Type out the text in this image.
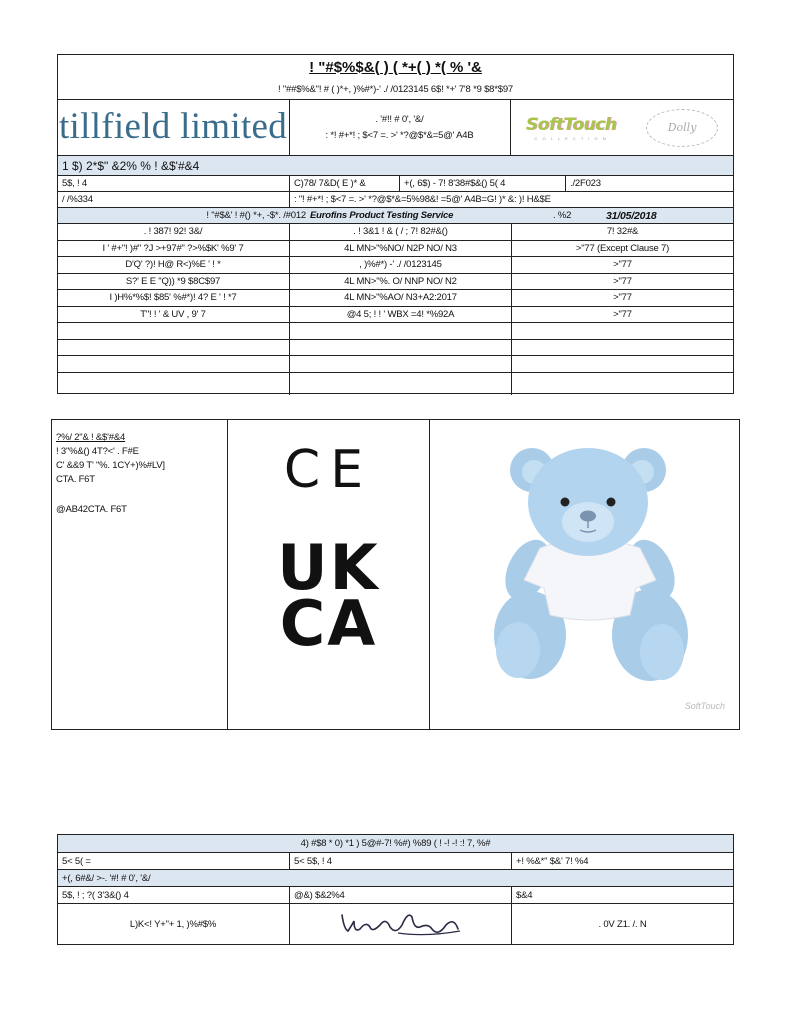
! "#$%$&( ) ( *+( ) *( % '&
! "##$%&"! # ( )*+, )%#*)-' ./ /0123145 6$! *+' 7'8 *9 $8*$97
tillfield limited	. '#!! # 0', '&/
: *! #+*! ; $<7 =. >' *?@$*&=5@' A4B
SoftTouch
C O L L E C T I O N
Dolly
1 $) 2*$" &2% % ! &$'#&4
5$, ! 4	C)78/ 7&D( E )* &	+(, 6$) - 7! 8'38#$&() 5( 4	./2F023
/ /%334	: "! #+*! ; $<7 =. >' *?@$*&=5%98&! =5@' A4B=G! )* &: )! H&$E
! "#$&' ! #() *+, -$*. /#012 Eurofins Product Testing Service	. %2	31/05/2018
. ! 387! 92! 3&/	. ! 3&1 ! & ( / ; 7! 82#&()	7! 32#&
I ' #+"! )#" ?J >+97#" ?>%$K' %9' 7	4L MN>"%NO/ N2P NO/ N3	>"77 (Except Clause 7)
D'Q' ?)! H@ R<)%E ' ! *	, )%#*) -' ./ /0123145	>"77
S?' E E "Q)) *9 $8C$97	4L MN>"%. O/ NNP NO/ N2	>"77
I )H%*%$! $85' %#*)! 4? E ' ! *7	4L MN>"%AO/ N3+A2:2017	>"77
T"! ! ' & UV , 9' 7	@4 5; ! ! ' WBX =4! *%92A	>"77
?%/ 2"& ! &$'#&4
! 3"%&() 4T?<' . F#E
C' &&9 T' "%. 1CY+)%#LV]
CTA. F6T
@AB42CTA. F6T
CE
UK
CA
SoftTouch
4) #$8 * 0) *1 ) 5@#-7! %#) %89 ( ! -! -! :! 7, %#
5< 5( =	5< 5$, ! 4	+! %&*" $&' 7! %4
+(, 6#&/ >-. '#! # 0', '&/
5$, ! ; ?( 3'3&() 4	@&) $&2%4	$&4
L)K<! Y+"+ 1, )%#$%	. 0V Z1. /. N
